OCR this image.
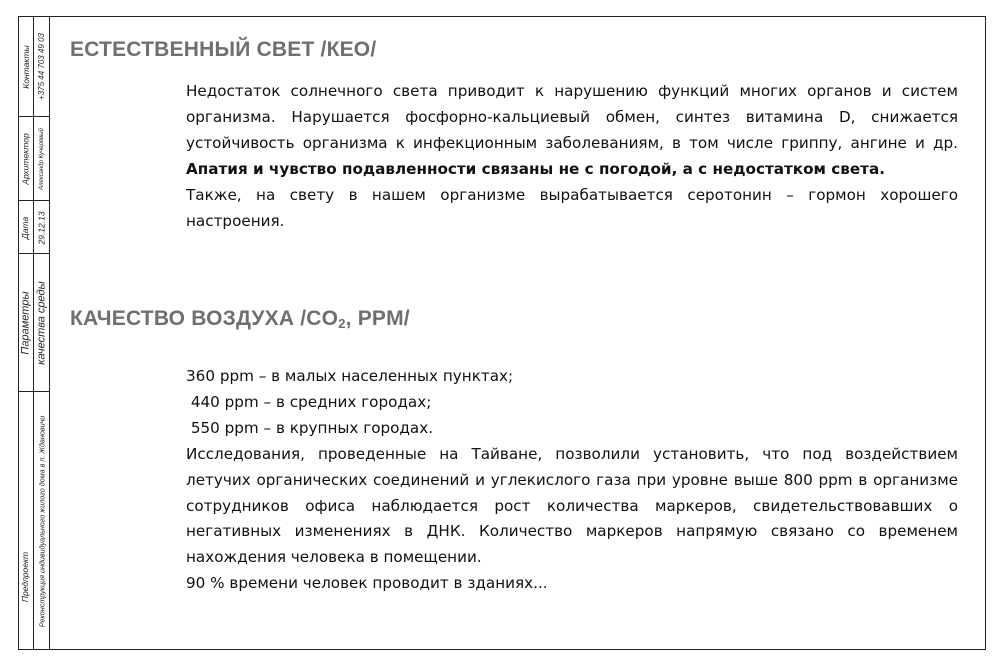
Контакты +375 44 703 49 03
Архитектор Александр Кучерявый
Дата 29.12.13
Параметры качества среды
Предпроект Реконструкция индивидуального жилого дома в п. Ждановичи
ЕСТЕСТВЕННЫЙ СВЕТ /КЕО/

Недостаток солнечного света приводит к нарушению функций многих органов и систем организма. Нарушается фосфорно-кальциевый обмен, синтез витамина D, снижается устойчивость организма к инфекционным заболеваниям, в том числе гриппу, ангине и др. Апатия и чувство подавленности связаны не с погодой, а с недостатком света.

Также, на свету в нашем организме вырабатывается серотонин – гормон хорошего настроения.

КАЧЕСТВО ВОЗДУХА $/CO_2$, PPM/
360 ppm – в малых населенных пунктах;
440 ppm – в средних городах;
550 ppm – в крупных городах.
Исследования, проведенные на Тайване, позволили установить, что под воздействием летучих органических соединений и углекислого газа при уровне выше 800 ppm в организме сотрудников офиса наблюдается рост количества маркеров, свидетельствовавших о негативных изменениях в ДНК. Количество маркеров напрямую связано со временем нахождения человека в помещении.
90 % времени человек проводит в зданиях...
